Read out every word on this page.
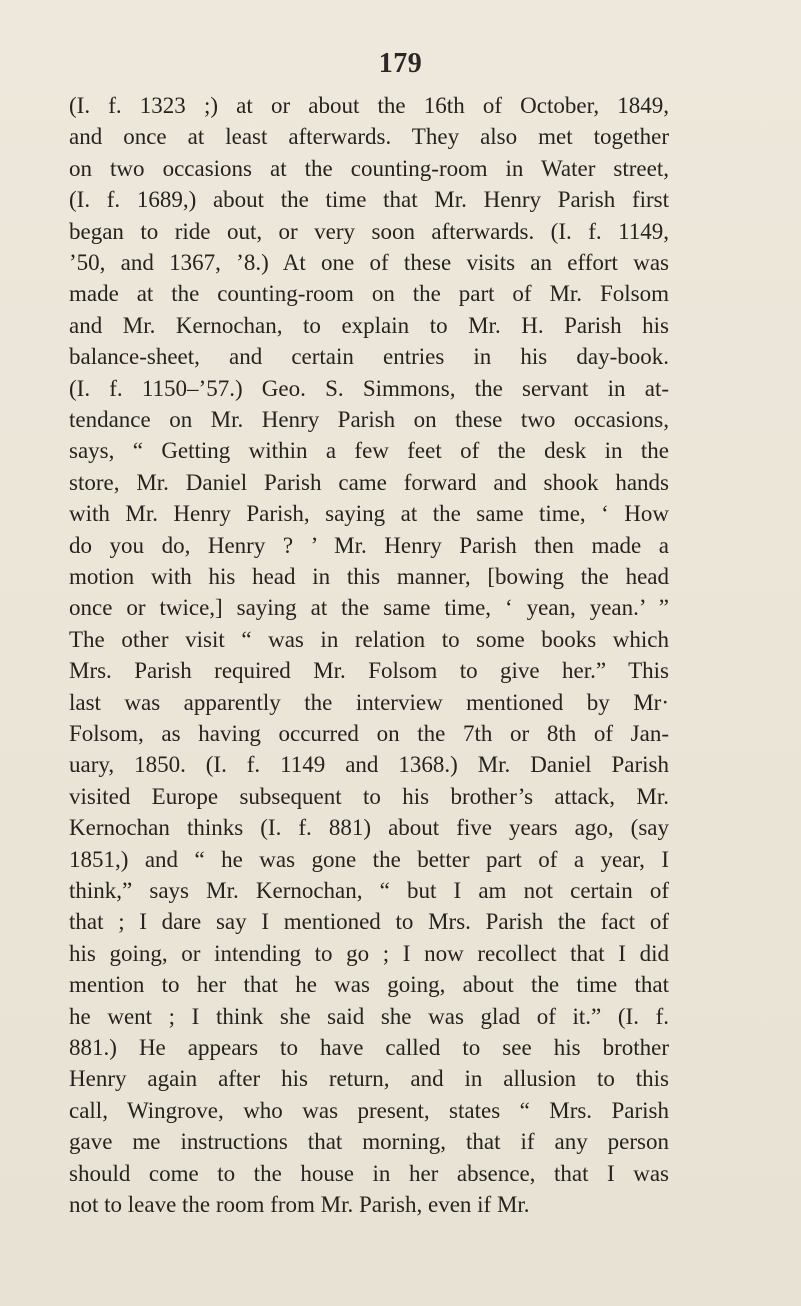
179
(I. f. 1323 ;) at or about the 16th of October, 1849,
and once at least afterwards. They also met together
on two occasions at the counting-room in Water street,
(I. f. 1689,) about the time that Mr. Henry Parish first
began to ride out, or very soon afterwards. (I. f. 1149,
’50, and 1367, ’8.) At one of these visits an effort was
made at the counting-room on the part of Mr. Folsom
and Mr. Kernochan, to explain to Mr. H. Parish his
balance-sheet, and certain entries in his day-book.
(I. f. 1150–’57.) Geo. S. Simmons, the servant in at-
tendance on Mr. Henry Parish on these two occasions,
says, “ Getting within a few feet of the desk in the
store, Mr. Daniel Parish came forward and shook hands
with Mr. Henry Parish, saying at the same time, ‘ How
do you do, Henry ? ’ Mr. Henry Parish then made a
motion with his head in this manner, [bowing the head
once or twice,] saying at the same time, ‘ yean, yean.’ ”
The other visit “ was in relation to some books which
Mrs. Parish required Mr. Folsom to give her.” This
last was apparently the interview mentioned by Mr·
Folsom, as having occurred on the 7th or 8th of Jan-
uary, 1850. (I. f. 1149 and 1368.) Mr. Daniel Parish
visited Europe subsequent to his brother’s attack, Mr.
Kernochan thinks (I. f. 881) about five years ago, (say
1851,) and “ he was gone the better part of a year, I
think,” says Mr. Kernochan, “ but I am not certain of
that ; I dare say I mentioned to Mrs. Parish the fact of
his going, or intending to go ; I now recollect that I did
mention to her that he was going, about the time that
he went ; I think she said she was glad of it.” (I. f.
881.) He appears to have called to see his brother
Henry again after his return, and in allusion to this
call, Wingrove, who was present, states “ Mrs. Parish
gave me instructions that morning, that if any person
should come to the house in her absence, that I was
not to leave the room from Mr. Parish, even if Mr.
